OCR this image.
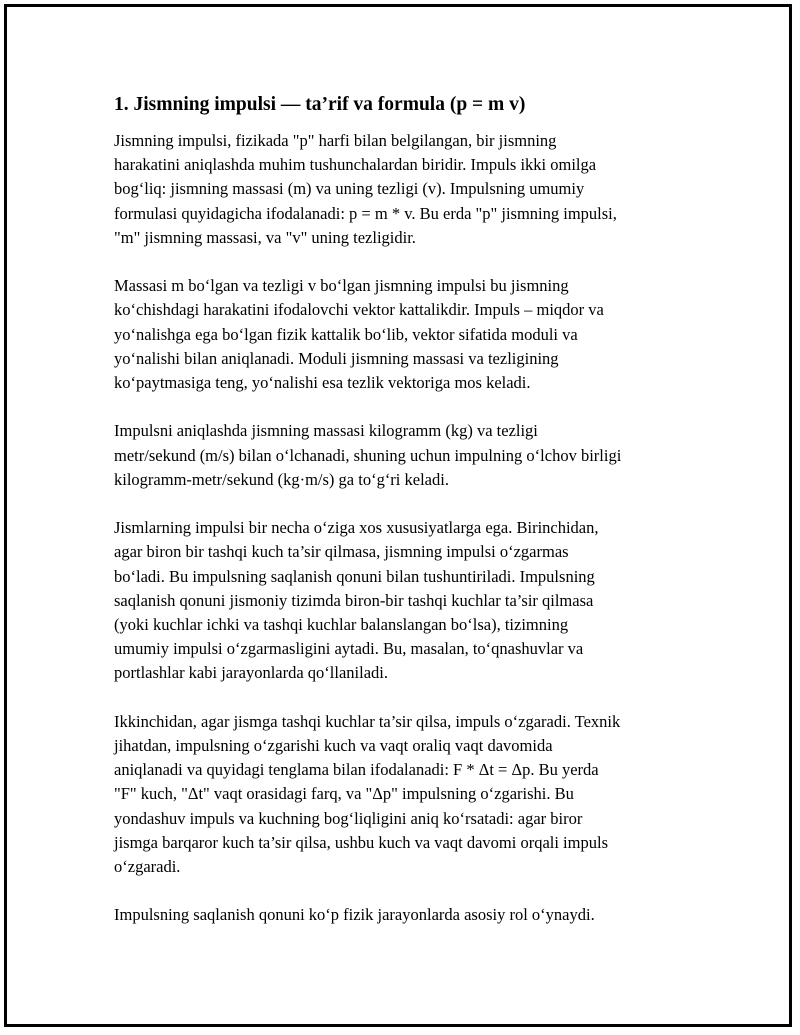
1. Jismning impulsi — ta’rif va formula (p = m v)

Jismning impulsi, fizikada "p" harfi bilan belgilangan, bir jismning
harakatini aniqlashda muhim tushunchalardan biridir. Impuls ikki omilga
bog‘liq: jismning massasi (m) va uning tezligi (v). Impulsning umumiy
formulasi quyidagicha ifodalanadi: p = m * v. Bu erda "p" jismning impulsi,
"m" jismning massasi, va "v" uning tezligidir.

Massasi m bo‘lgan va tezligi v bo‘lgan jismning impulsi bu jismning
ko‘chishdagi harakatini ifodalovchi vektor kattalikdir. Impuls – miqdor va
yo‘nalishga ega bo‘lgan fizik kattalik bo‘lib, vektor sifatida moduli va
yo‘nalishi bilan aniqlanadi. Moduli jismning massasi va tezligining
ko‘paytmasiga teng, yo‘nalishi esa tezlik vektoriga mos keladi.

Impulsni aniqlashda jismning massasi kilogramm (kg) va tezligi
metr/sekund (m/s) bilan o‘lchanadi, shuning uchun impulning o‘lchov birligi
kilogramm-metr/sekund (kg·m/s) ga to‘g‘ri keladi.

Jismlarning impulsi bir necha o‘ziga xos xususiyatlarga ega. Birinchidan,
agar biron bir tashqi kuch ta’sir qilmasa, jismning impulsi o‘zgarmas
bo‘ladi. Bu impulsning saqlanish qonuni bilan tushuntiriladi. Impulsning
saqlanish qonuni jismoniy tizimda biron-bir tashqi kuchlar ta’sir qilmasa
(yoki kuchlar ichki va tashqi kuchlar balanslangan bo‘lsa), tizimning
umumiy impulsi o‘zgarmasligini aytadi. Bu, masalan, to‘qnashuvlar va
portlashlar kabi jarayonlarda qo‘llaniladi.

Ikkinchidan, agar jismga tashqi kuchlar ta’sir qilsa, impuls o‘zgaradi. Texnik
jihatdan, impulsning o‘zgarishi kuch va vaqt oraliq vaqt davomida
aniqlanadi va quyidagi tenglama bilan ifodalanadi: F * Δt = Δp. Bu yerda
"F" kuch, "Δt" vaqt orasidagi farq, va "Δp" impulsning o‘zgarishi. Bu
yondashuv impuls va kuchning bog‘liqligini aniq ko‘rsatadi: agar biror
jismga barqaror kuch ta’sir qilsa, ushbu kuch va vaqt davomi orqali impuls
o‘zgaradi.

Impulsning saqlanish qonuni ko‘p fizik jarayonlarda asosiy rol o‘ynaydi.
